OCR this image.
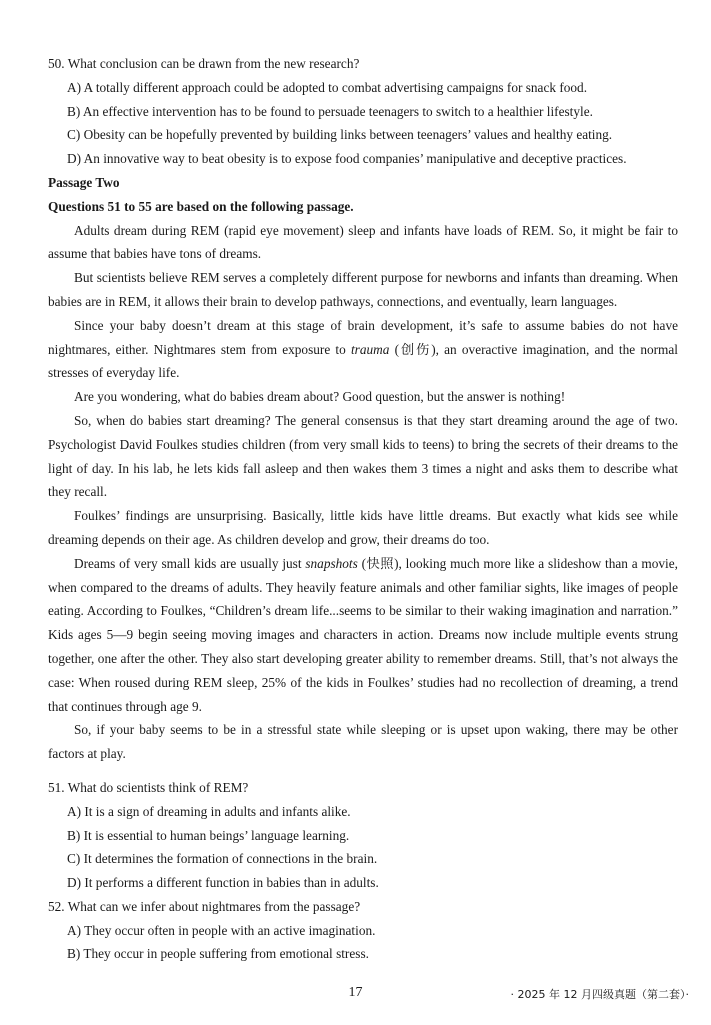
50. What conclusion can be drawn from the new research?

A) A totally different approach could be adopted to combat advertising campaigns for snack food.

B) An effective intervention has to be found to persuade teenagers to switch to a healthier lifestyle.

C) Obesity can be hopefully prevented by building links between teenagers’ values and healthy eating.

D) An innovative way to beat obesity is to expose food companies’ manipulative and deceptive practices.

Passage Two

Questions 51 to 55 are based on the following passage.

Adults dream during REM (rapid eye movement) sleep and infants have loads of REM. So, it might be fair to assume that babies have tons of dreams.

But scientists believe REM serves a completely different purpose for newborns and infants than dreaming. When babies are in REM, it allows their brain to develop pathways, connections, and eventually, learn languages.

Since your baby doesn’t dream at this stage of brain development, it’s safe to assume babies do not have nightmares, either. Nightmares stem from exposure to trauma (创伤), an overactive imagination, and the normal stresses of everyday life.

Are you wondering, what do babies dream about? Good question, but the answer is nothing!

So, when do babies start dreaming? The general consensus is that they start dreaming around the age of two. Psychologist David Foulkes studies children (from very small kids to teens) to bring the secrets of their dreams to the light of day. In his lab, he lets kids fall asleep and then wakes them 3 times a night and asks them to describe what they recall.

Foulkes’ findings are unsurprising. Basically, little kids have little dreams. But exactly what kids see while dreaming depends on their age. As children develop and grow, their dreams do too.

Dreams of very small kids are usually just snapshots (快照), looking much more like a slideshow than a movie, when compared to the dreams of adults. They heavily feature animals and other familiar sights, like images of people eating. According to Foulkes, “Children’s dream life...seems to be similar to their waking imagination and narration.” Kids ages 5—9 begin seeing moving images and characters in action. Dreams now include multiple events strung together, one after the other. They also start developing greater ability to remember dreams. Still, that’s not always the case: When roused during REM sleep, 25% of the kids in Foulkes’ studies had no recollection of dreaming, a trend that continues through age 9.

So, if your baby seems to be in a stressful state while sleeping or is upset upon waking, there may be other factors at play.

51. What do scientists think of REM?

A) It is a sign of dreaming in adults and infants alike.

B) It is essential to human beings’ language learning.

C) It determines the formation of connections in the brain.

D) It performs a different function in babies than in adults.

52. What can we infer about nightmares from the passage?

A) They occur often in people with an active imagination.

B) They occur in people suffering from emotional stress.

17	· 2025 年 12 月四级真题（第二套）·
